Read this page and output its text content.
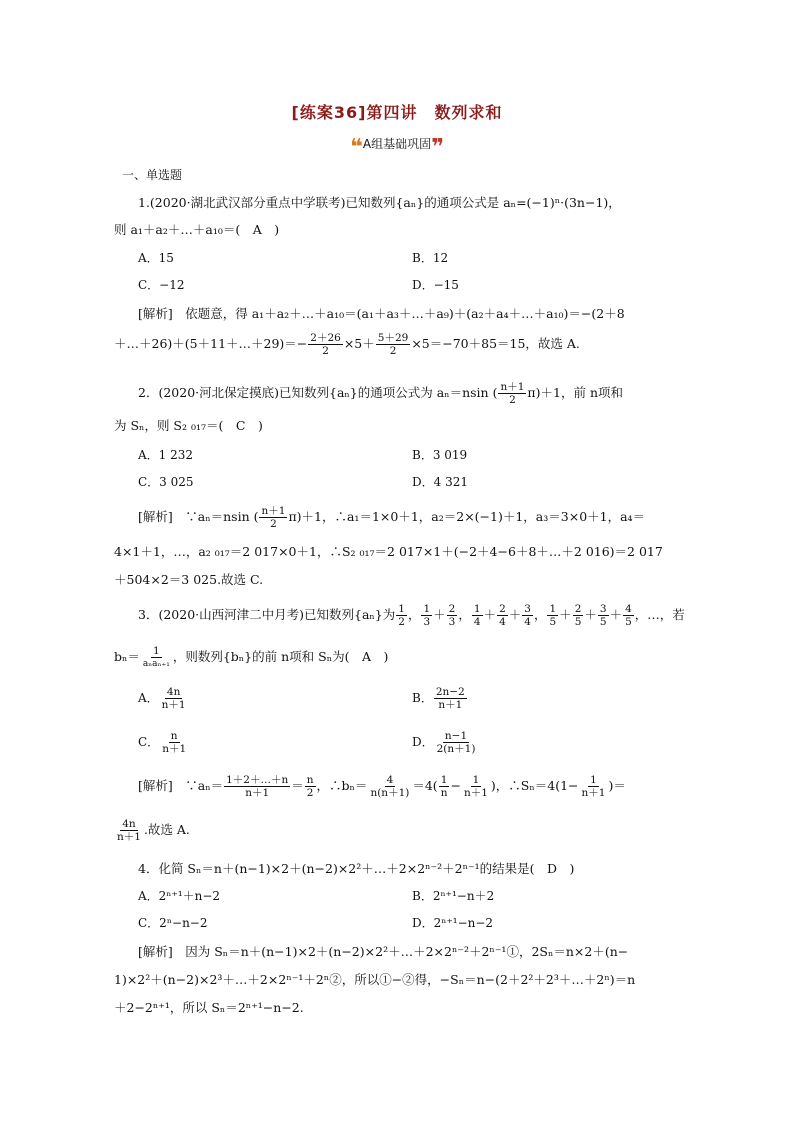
[练案36]第四讲　数列求和
❝A组基础巩固❞
一、单选题
1.(2020·湖北武汉部分重点中学联考)已知数列{aₙ}的通项公式是 aₙ=(−1)ⁿ·(3n−1)，
则 a₁＋a₂＋…＋a₁₀＝(　A　)
A．15	B．12
C．−12	D．−15
[解析]　依题意，得 a₁＋a₂＋…＋a₁₀＝(a₁＋a₃＋…＋a₉)＋(a₂＋a₄＋…＋a₁₀)＝−(2＋8
＋…＋26)＋(5＋11＋…＋29)＝− $\frac{2+26}{2} \times 5+ \frac{5+29}{2} \times 5=-70+85=15$，故选 A.
2．(2020·河北保定摸底)已知数列{aₙ}的通项公式为 aₙ＝nsin ( $\frac{n+1}{2} \pi)+1$，前 n项和
为 Sₙ，则 S₂ ₀₁₇＝(　C　)
A．1 232	B．3 019
C．3 025	D．4 321
[解析]　∵aₙ＝nsin ( $\frac{n+1}{2} \pi)+1$，∴a₁＝1×0＋1，a₂＝2×(−1)＋1，a₃＝3×0＋1，a₄＝
4×1＋1，…，a₂ ₀₁₇＝2 017×0＋1，∴S₂ ₀₁₇＝2 017×1＋(−2＋4−6＋8＋…＋2 016)＝2 017
＋504×2＝3 025.故选 C.
3．(2020·山西河津二中月考)已知数列{aₙ}为 $\frac{1}{2}$ ， $\frac{1}{3} + \frac{2}{3}$ ， $\frac{1}{4} + \frac{2}{4} + \frac{3}{4}$ ， $\frac{1}{5} + \frac{2}{5} + \frac{3}{5} + \frac{4}{5}$ ，…，若
$b_n= \frac{1}{\text{aₙaₙ₊₁}}$ ，则数列{bₙ}的前 n项和 Sₙ为(　A　)
A． $\frac{4n}{n+1}$	B． $\frac{2n-2}{n+1}$
C． $\frac{n}{n+1}$	D． $\frac{n-1}{2(n+1)}$
[解析]　∵aₙ＝ $\frac{1+2+\dots+n}{n+1} = \frac{n}{2}$ ，∴bₙ＝ $\frac{4}{n(n+1)} =4( \frac{1}{n} - \frac{1}{n+1}$ )，∴Sₙ＝4(1− $\frac{1}{n+1}$ )＝
$\frac{4n}{n+1}$ .故选 A.
4．化简 Sₙ＝n＋(n−1)×2＋(n−2)×2²＋…＋2×2ⁿ⁻²＋2ⁿ⁻¹的结果是(　D　)
A．2ⁿ⁺¹＋n−2	B．2ⁿ⁺¹−n＋2
C．2ⁿ−n−2	D．2ⁿ⁺¹−n−2
[解析]　因为 Sₙ＝n＋(n−1)×2＋(n−2)×2²＋…＋2×2ⁿ⁻²＋2ⁿ⁻¹①，2Sₙ＝n×2＋(n−
1)×2²＋(n−2)×2³＋…＋2×2ⁿ⁻¹＋2ⁿ②，所以①−②得，−Sₙ＝n−(2＋2²＋2³＋…＋2ⁿ)＝n
＋2−2ⁿ⁺¹，所以 Sₙ＝2ⁿ⁺¹−n−2.
